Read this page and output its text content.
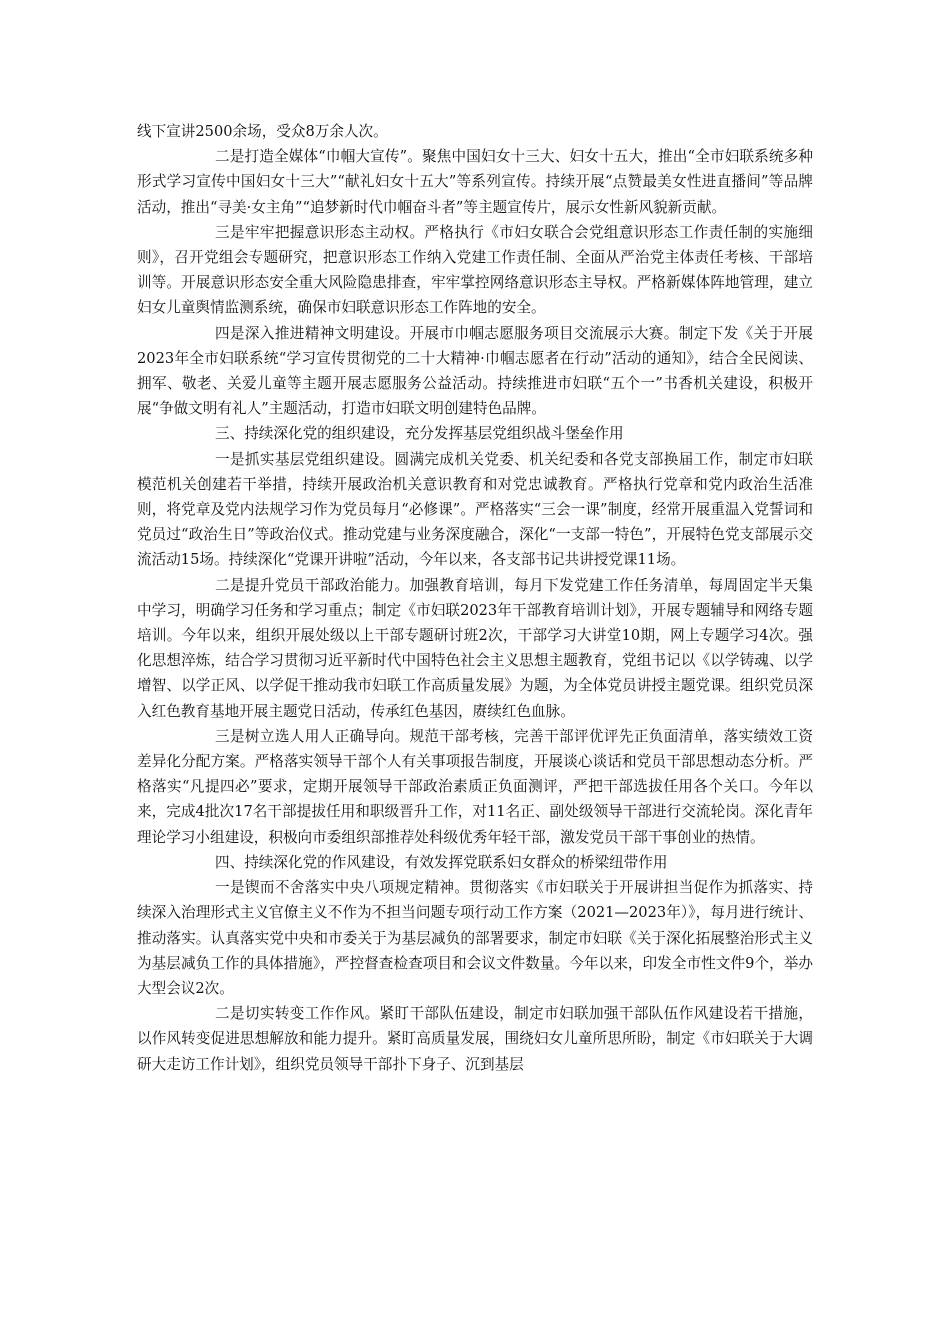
线下宣讲2500余场，受众8万余人次。

二是打造全媒体“巾帼大宣传”。聚焦中国妇女十三大、妇女十五大，推出“全市妇联系统多种形式学习宣传中国妇女十三大”“献礼妇女十五大”等系列宣传。持续开展“点赞最美女性进直播间”等品牌活动，推出“寻美·女主角”“追梦新时代巾帼奋斗者”等主题宣传片，展示女性新风貌新贡献。

三是牢牢把握意识形态主动权。严格执行《市妇女联合会党组意识形态工作责任制的实施细则》，召开党组会专题研究，把意识形态工作纳入党建工作责任制、全面从严治党主体责任考核、干部培训等。开展意识形态安全重大风险隐患排查，牢牢掌控网络意识形态主导权。严格新媒体阵地管理，建立妇女儿童舆情监测系统，确保市妇联意识形态工作阵地的安全。

四是深入推进精神文明建设。开展市巾帼志愿服务项目交流展示大赛。制定下发《关于开展2023年全市妇联系统“学习宣传贯彻党的二十大精神·巾帼志愿者在行动”活动的通知》，结合全民阅读、拥军、敬老、关爱儿童等主题开展志愿服务公益活动。持续推进市妇联“五个一”书香机关建设，积极开展“争做文明有礼人”主题活动，打造市妇联文明创建特色品牌。

三、持续深化党的组织建设，充分发挥基层党组织战斗堡垒作用

一是抓实基层党组织建设。圆满完成机关党委、机关纪委和各党支部换届工作，制定市妇联模范机关创建若干举措，持续开展政治机关意识教育和对党忠诚教育。严格执行党章和党内政治生活准则，将党章及党内法规学习作为党员每月“必修课”。严格落实“三会一课”制度，经常开展重温入党誓词和党员过“政治生日”等政治仪式。推动党建与业务深度融合，深化“一支部一特色”，开展特色党支部展示交流活动15场。持续深化“党课开讲啦”活动，今年以来，各支部书记共讲授党课11场。

二是提升党员干部政治能力。加强教育培训，每月下发党建工作任务清单，每周固定半天集中学习，明确学习任务和学习重点；制定《市妇联2023年干部教育培训计划》，开展专题辅导和网络专题培训。今年以来，组织开展处级以上干部专题研讨班2次，干部学习大讲堂10期，网上专题学习4次。强化思想淬炼，结合学习贯彻习近平新时代中国特色社会主义思想主题教育，党组书记以《以学铸魂、以学增智、以学正风、以学促干推动我市妇联工作高质量发展》为题，为全体党员讲授主题党课。组织党员深入红色教育基地开展主题党日活动，传承红色基因，赓续红色血脉。

三是树立选人用人正确导向。规范干部考核，完善干部评优评先正负面清单，落实绩效工资差异化分配方案。严格落实领导干部个人有关事项报告制度，开展谈心谈话和党员干部思想动态分析。严格落实“凡提四必”要求，定期开展领导干部政治素质正负面测评，严把干部选拔任用各个关口。今年以来，完成4批次17名干部提拔任用和职级晋升工作，对11名正、副处级领导干部进行交流轮岗。深化青年理论学习小组建设，积极向市委组织部推荐处科级优秀年轻干部，激发党员干部干事创业的热情。

四、持续深化党的作风建设，有效发挥党联系妇女群众的桥梁纽带作用

一是锲而不舍落实中央八项规定精神。贯彻落实《市妇联关于开展讲担当促作为抓落实、持续深入治理形式主义官僚主义不作为不担当问题专项行动工作方案（2021—2023年）》，每月进行统计、推动落实。认真落实党中央和市委关于为基层减负的部署要求，制定市妇联《关于深化拓展整治形式主义为基层减负工作的具体措施》，严控督查检查项目和会议文件数量。今年以来，印发全市性文件9个，举办大型会议2次。

二是切实转变工作作风。紧盯干部队伍建设，制定市妇联加强干部队伍作风建设若干措施，以作风转变促进思想解放和能力提升。紧盯高质量发展，围绕妇女儿童所思所盼，制定《市妇联关于大调研大走访工作计划》，组织党员领导干部扑下身子、沉到基层
